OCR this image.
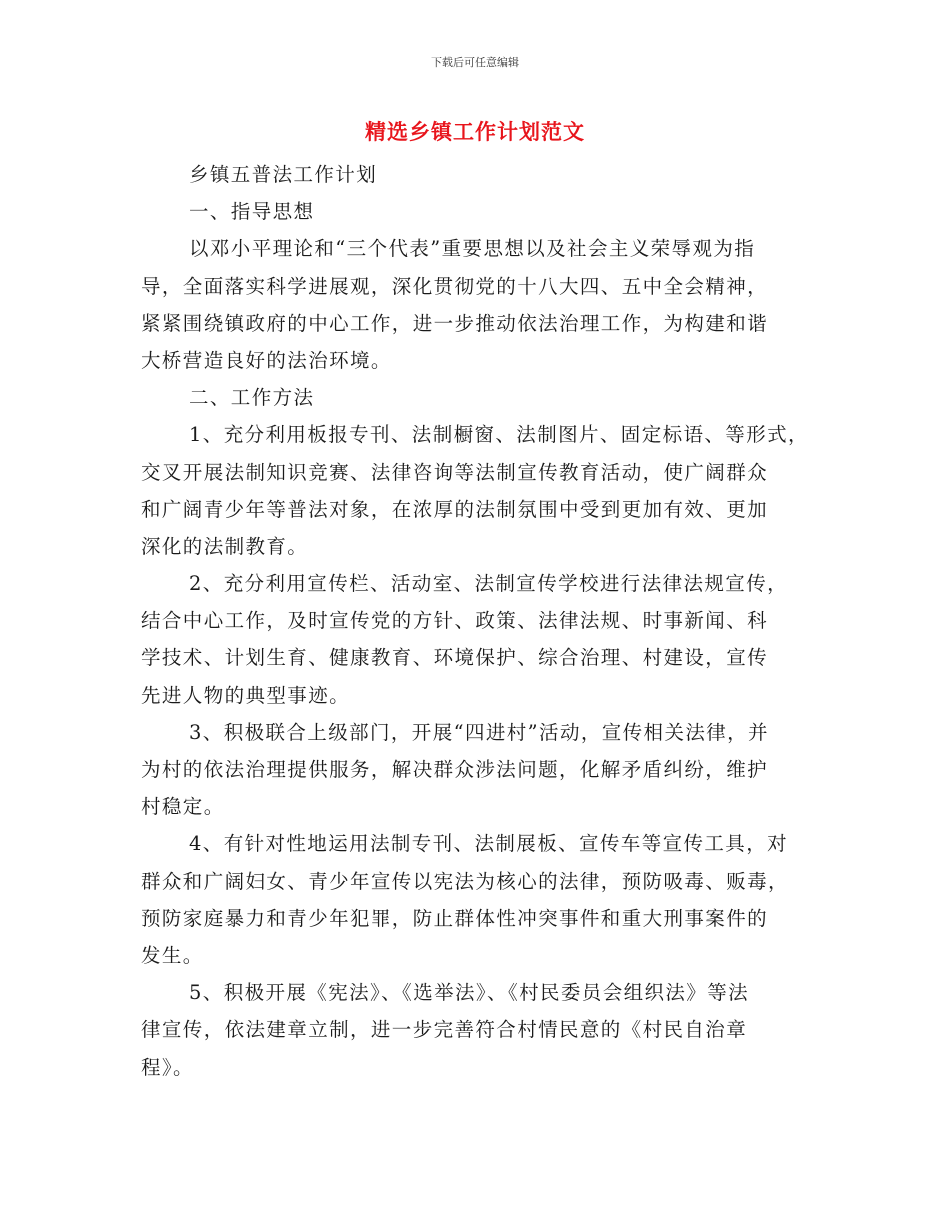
下载后可任意编辑
精选乡镇工作计划范文
乡镇五普法工作计划
一、指导思想
以邓小平理论和“三个代表”重要思想以及社会主义荣辱观为指
导，全面落实科学进展观，深化贯彻党的十八大四、五中全会精神，
紧紧围绕镇政府的中心工作，进一步推动依法治理工作，为构建和谐
大桥营造良好的法治环境。
二、工作方法
1、充分利用板报专刊、法制橱窗、法制图片、固定标语、等形式，
交叉开展法制知识竞赛、法律咨询等法制宣传教育活动，使广阔群众
和广阔青少年等普法对象，在浓厚的法制氛围中受到更加有效、更加
深化的法制教育。
2、充分利用宣传栏、活动室、法制宣传学校进行法律法规宣传，
结合中心工作，及时宣传党的方针、政策、法律法规、时事新闻、科
学技术、计划生育、健康教育、环境保护、综合治理、村建设，宣传
先进人物的典型事迹。
3、积极联合上级部门，开展“四进村”活动，宣传相关法律，并
为村的依法治理提供服务，解决群众涉法问题，化解矛盾纠纷，维护
村稳定。
4、有针对性地运用法制专刊、法制展板、宣传车等宣传工具，对
群众和广阔妇女、青少年宣传以宪法为核心的法律，预防吸毒、贩毒，
预防家庭暴力和青少年犯罪，防止群体性冲突事件和重大刑事案件的
发生。
5、积极开展《宪法》、《选举法》、《村民委员会组织法》等法
律宣传，依法建章立制，进一步完善符合村情民意的《村民自治章
程》。
